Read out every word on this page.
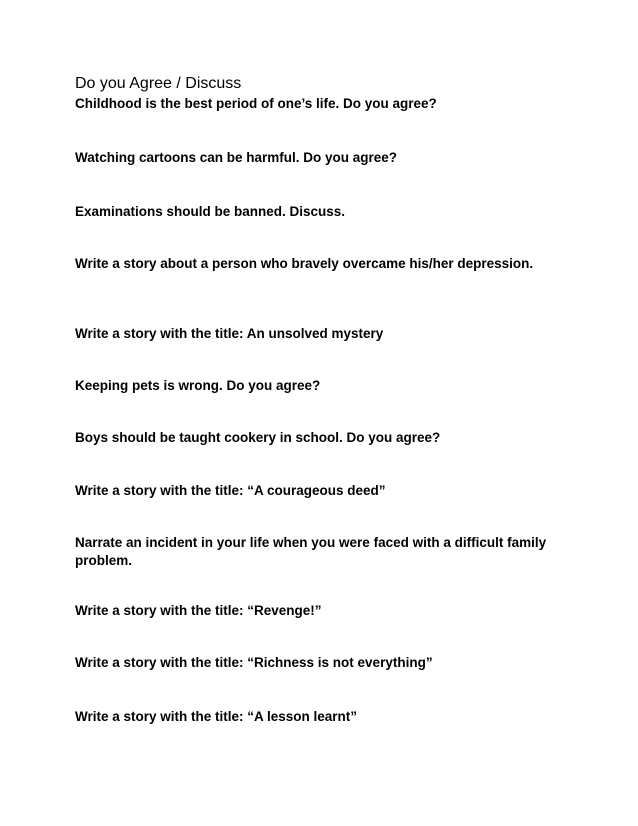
Do you Agree / Discuss

Childhood is the best period of one’s life. Do you agree?

Watching cartoons can be harmful. Do you agree?

Examinations should be banned. Discuss.

Write a story about a person who bravely overcame his/her depression.

Write a story with the title: An unsolved mystery

Keeping pets is wrong. Do you agree?

Boys should be taught cookery in school. Do you agree?

Write a story with the title: “A courageous deed”

Narrate an incident in your life when you were faced with a difficult family problem.

Write a story with the title: “Revenge!”

Write a story with the title: “Richness is not everything”

Write a story with the title: “A lesson learnt”
